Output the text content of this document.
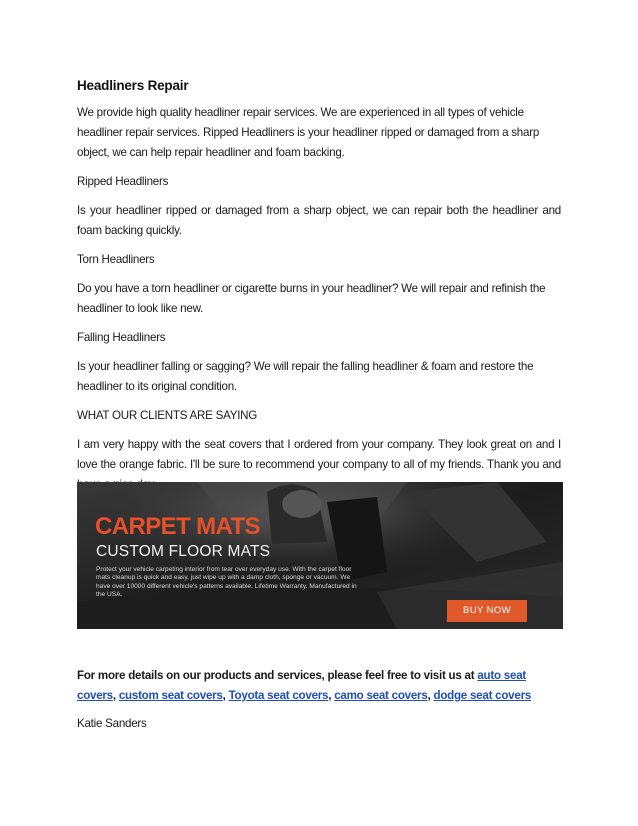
Headliners Repair

We provide high quality headliner repair services. We are experienced in all types of vehicle headliner repair services. Ripped Headliners is your headliner ripped or damaged from a sharp object, we can help repair headliner and foam backing.

Ripped Headliners

Is your headliner ripped or damaged from a sharp object, we can repair both the headliner and foam backing quickly.

Torn Headliners

Do you have a torn headliner or cigarette burns in your headliner? We will repair and refinish the headliner to look like new.

Falling Headliners

Is your headliner falling or sagging? We will repair the falling headliner & foam and restore the headliner to its original condition.

WHAT OUR CLIENTS ARE SAYING

I am very happy with the seat covers that I ordered from your company. They look great on and I love the orange fabric. I'll be sure to recommend your company to all of my friends. Thank you and

CARPET MATS
CUSTOM FLOOR MATS
Protect your vehicle carpeting interior from tear over everyday use. With the carpet floor mats cleanup is quick and easy, just wipe up with a damp cloth, sponge or vacuum. We have over 10000 different vehicle's patterns available. Lifetime Warranty. Manufactured in the USA.
BUY NOW
For more details on our products and services, please feel free to visit us at auto seat covers, custom seat covers, Toyota seat covers, camo seat covers, dodge seat covers
Katie Sanders
